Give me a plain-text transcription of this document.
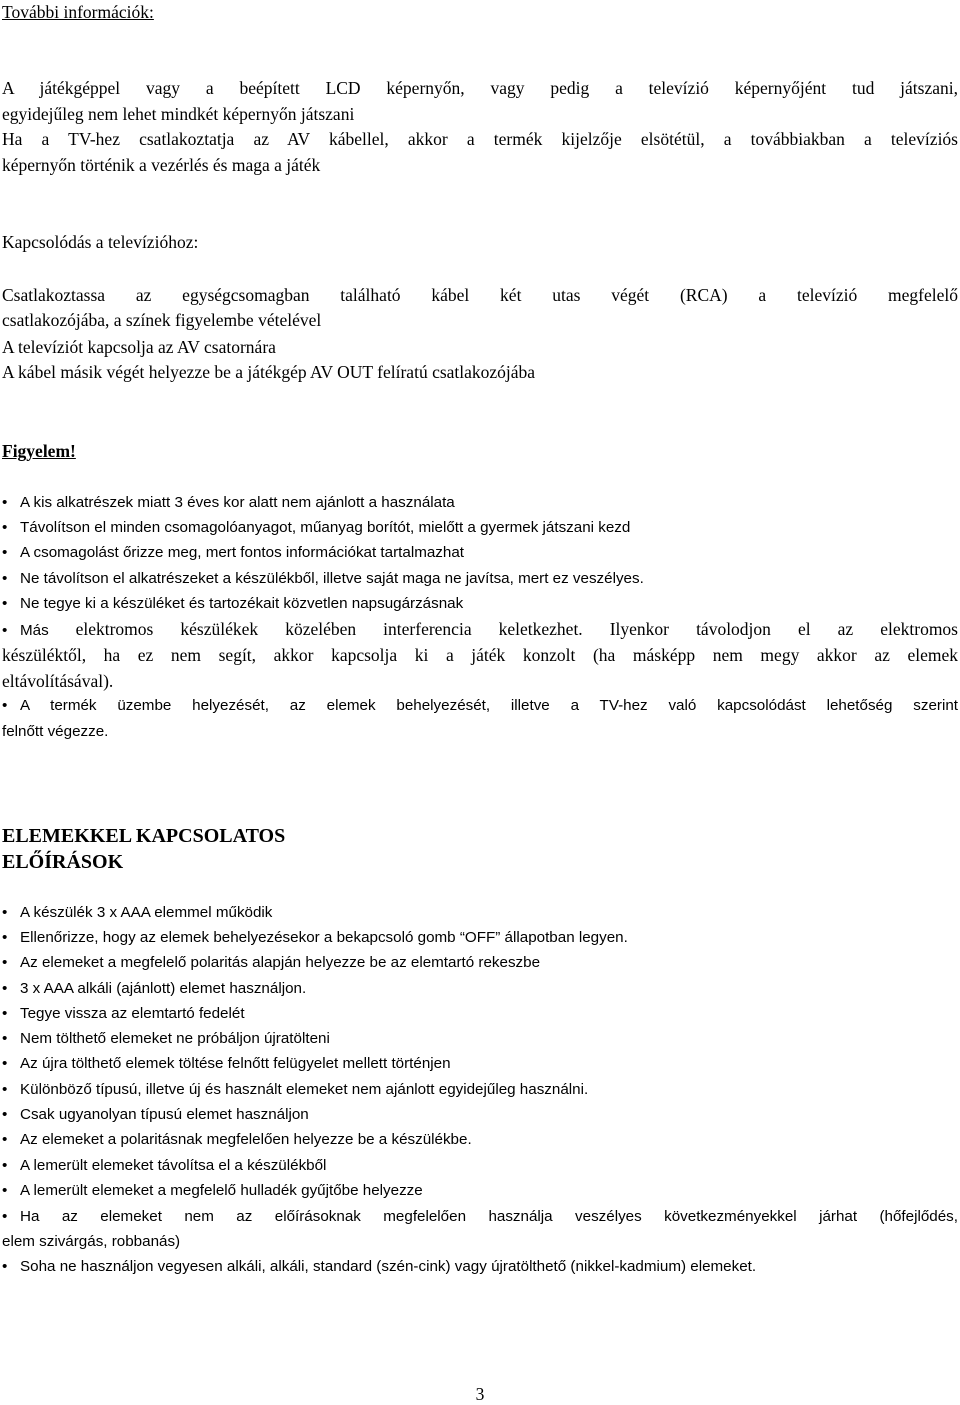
További információk:
A játékgéppel vagy a beépített LCD képernyőn, vagy pedig a televízió képernyőjént tud játszani,
egyidejűleg nem lehet mindkét képernyőn játszani
Ha a TV-hez csatlakoztatja az AV kábellel, akkor a termék kijelzője elsötétül, a továbbiakban a televíziós
képernyőn történik a vezérlés és maga a játék
Kapcsolódás a televízióhoz:
Csatlakoztassa az egységcsomagban található kábel két utas végét (RCA) a televízió megfelelő
csatlakozójába, a színek figyelembe vételével
A televíziót kapcsolja az AV csatornára
A kábel másik végét helyezze be a játékgép AV OUT felíratú csatlakozójába
Figyelem!
• A kis alkatrészek miatt 3 éves kor alatt nem ajánlott a használata
• Távolítson el minden csomagolóanyagot, műanyag borítót, mielőtt a gyermek játszani kezd
• A csomagolást őrizze meg, mert fontos információkat tartalmazhat
• Ne távolítson el alkatrészeket a készülékből, illetve saját maga ne javítsa, mert ez veszélyes.
• Ne tegye ki a készüléket és tartozékait közvetlen napsugárzásnak
• Más elektromos készülékek közelében interferencia keletkezhet. Ilyenkor távolodjon el az elektromos
készüléktől, ha ez nem segít, akkor kapcsolja ki a játék konzolt (ha másképp nem megy akkor az elemek
eltávolításával).
• A termék üzembe helyezését, az elemek behelyezését, illetve a TV-hez való kapcsolódást lehetőség szerint
felnőtt végezze.
ELEMEKKEL KAPCSOLATOS
ELŐÍRÁSOK
• A készülék 3 x AAA elemmel működik
• Ellenőrizze, hogy az elemek behelyezésekor a bekapcsoló gomb “OFF” állapotban legyen.
• Az elemeket a megfelelő polaritás alapján helyezze be az elemtartó rekeszbe
• 3 x AAA alkáli (ajánlott) elemet használjon.
• Tegye vissza az elemtartó fedelét
• Nem tölthető elemeket ne próbáljon újratölteni
• Az újra tölthető elemek töltése felnőtt felügyelet mellett történjen
• Különböző típusú, illetve új és használt elemeket nem ajánlott egyidejűleg használni.
• Csak ugyanolyan típusú elemet használjon
• Az elemeket a polaritásnak megfelelően helyezze be a készülékbe.
• A lemerült elemeket távolítsa el a készülékből
• A lemerült elemeket a megfelelő hulladék gyűjtőbe helyezze
• Ha az elemeket nem az előírásoknak megfelelően használja veszélyes következményekkel járhat (hőfejlődés,
elem szivárgás, robbanás)
• Soha ne használjon vegyesen alkáli, alkáli, standard (szén-cink) vagy újratölthető (nikkel-kadmium) elemeket.
3
